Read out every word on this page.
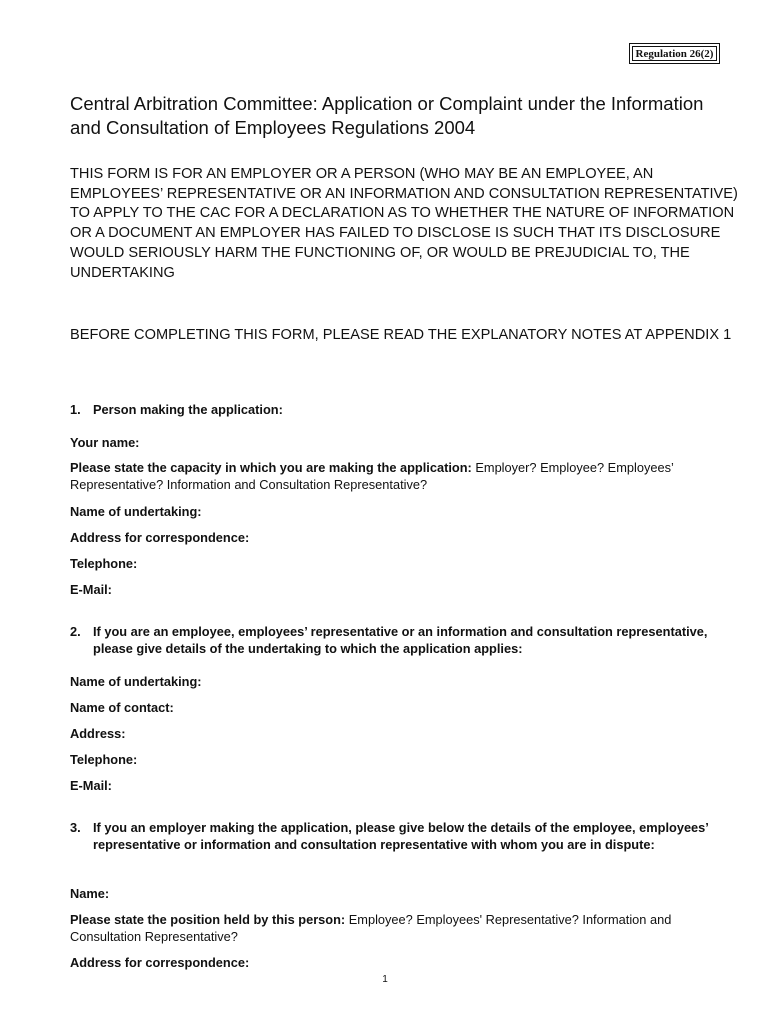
Regulation 26(2)
Central Arbitration Committee: Application or Complaint under the Information and Consultation of Employees Regulations 2004

THIS FORM IS FOR AN EMPLOYER OR A PERSON (WHO MAY BE AN EMPLOYEE, AN EMPLOYEES’ REPRESENTATIVE OR AN INFORMATION AND CONSULTATION REPRESENTATIVE) TO APPLY TO THE CAC FOR A DECLARATION AS TO WHETHER THE NATURE OF INFORMATION OR A DOCUMENT AN EMPLOYER HAS FAILED TO DISCLOSE IS SUCH THAT ITS DISCLOSURE WOULD SERIOUSLY HARM THE FUNCTIONING OF, OR WOULD BE PREJUDICIAL TO, THE UNDERTAKING

BEFORE COMPLETING THIS FORM, PLEASE READ THE EXPLANATORY NOTES AT APPENDIX 1

1. Person making the application:

Your name:

Please state the capacity in which you are making the application: Employer? Employee? Employees’ Representative? Information and Consultation Representative?

Name of undertaking:

Address for correspondence:

Telephone:

E-Mail:

2. If you are an employee, employees’ representative or an information and consultation representative, please give details of the undertaking to which the application applies:

Name of undertaking:

Name of contact:

Address:

Telephone:

E-Mail:

3. If you an employer making the application, please give below the details of the employee, employees’ representative or information and consultation representative with whom you are in dispute:

Name:

Please state the position held by this person: Employee? Employees' Representative? Information and Consultation Representative?

Address for correspondence:

1
